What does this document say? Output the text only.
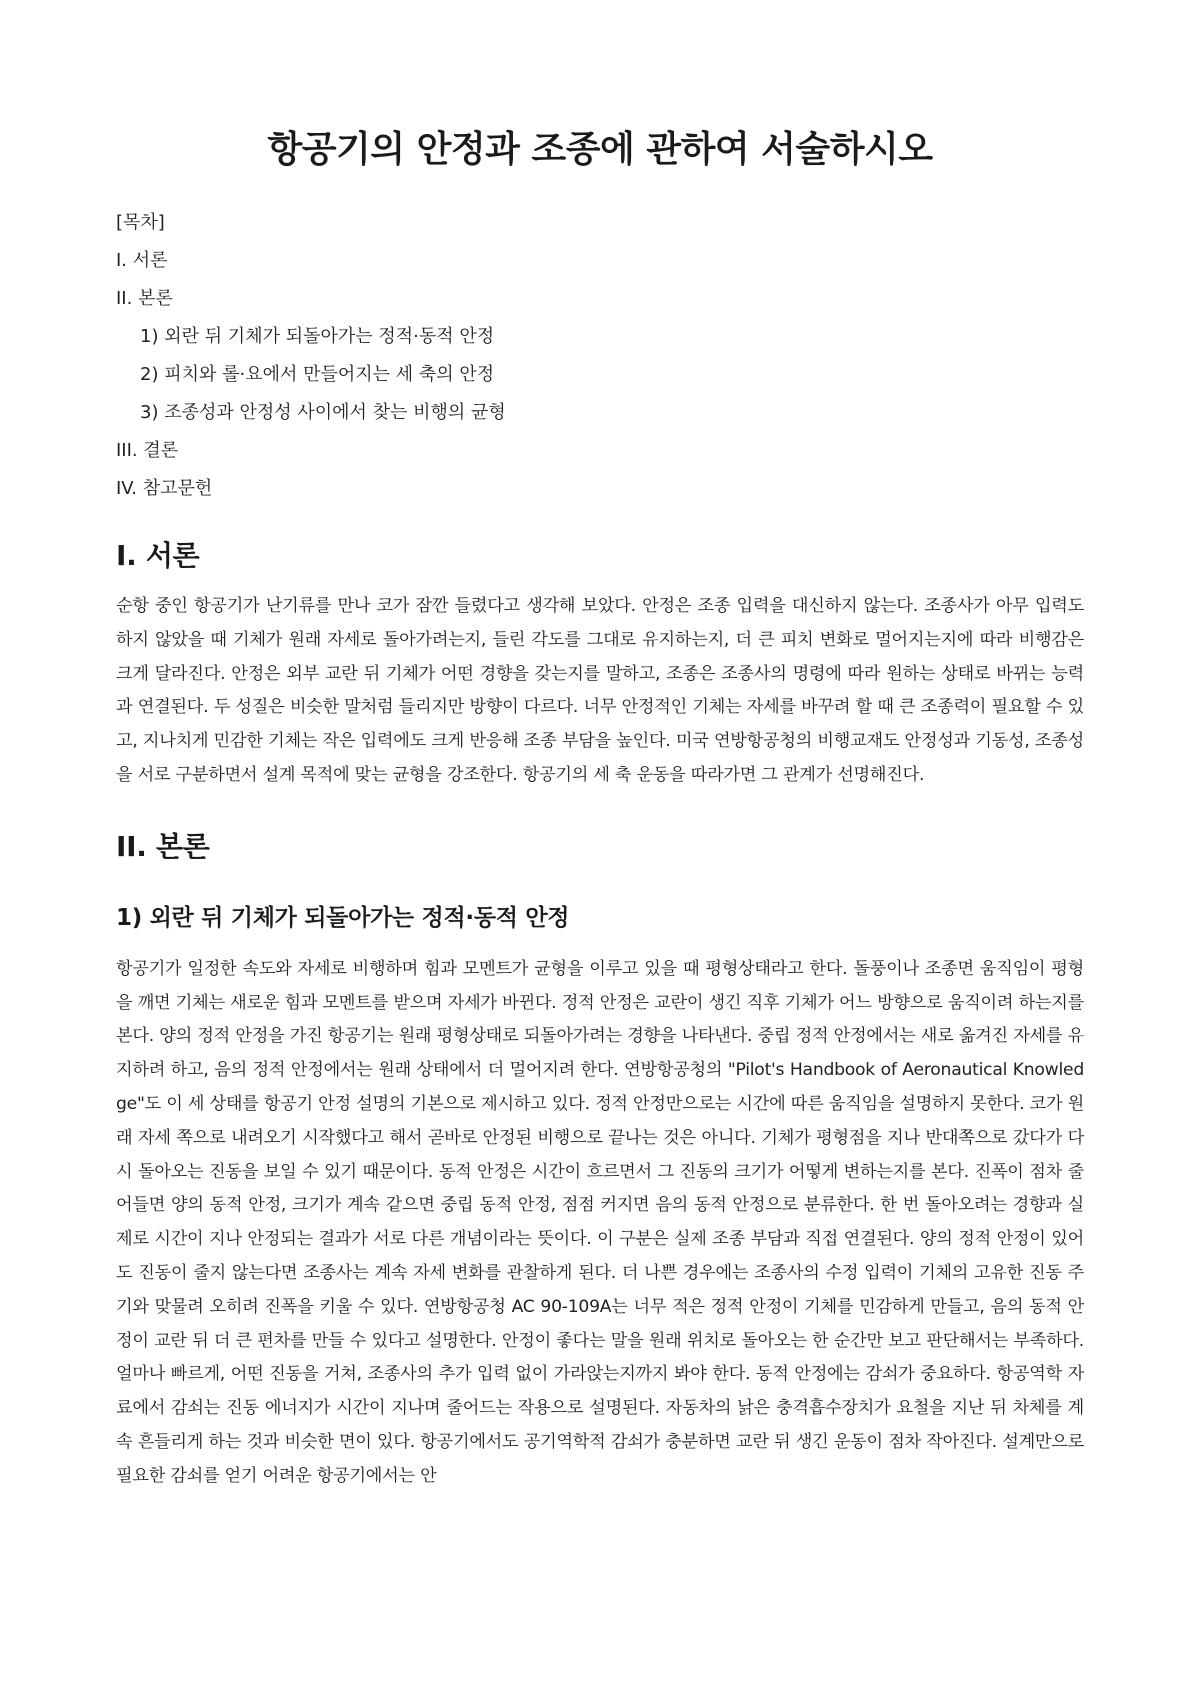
항공기의 안정과 조종에 관하여 서술하시오
[목차]
I. 서론
II. 본론
1) 외란 뒤 기체가 되돌아가는 정적·동적 안정
2) 피치와 롤·요에서 만들어지는 세 축의 안정
3) 조종성과 안정성 사이에서 찾는 비행의 균형
III. 결론
IV. 참고문헌
I. 서론

순항 중인 항공기가 난기류를 만나 코가 잠깐 들렸다고 생각해 보았다. 안정은 조종 입력을 대신하지 않는다. 조종사가 아무 입력도 하지 않았을 때 기체가 원래 자세로 돌아가려는지, 들린 각도를 그대로 유지하는지, 더 큰 피치 변화로 멀어지는지에 따라 비행감은 크게 달라진다. 안정은 외부 교란 뒤 기체가 어떤 경향을 갖는지를 말하고, 조종은 조종사의 명령에 따라 원하는 상태로 바뀌는 능력과 연결된다. 두 성질은 비슷한 말처럼 들리지만 방향이 다르다. 너무 안정적인 기체는 자세를 바꾸려 할 때 큰 조종력이 필요할 수 있고, 지나치게 민감한 기체는 작은 입력에도 크게 반응해 조종 부담을 높인다. 미국 연방항공청의 비행교재도 안정성과 기동성, 조종성을 서로 구분하면서 설계 목적에 맞는 균형을 강조한다. 항공기의 세 축 운동을 따라가면 그 관계가 선명해진다.

II. 본론
1) 외란 뒤 기체가 되돌아가는 정적·동적 안정

항공기가 일정한 속도와 자세로 비행하며 힘과 모멘트가 균형을 이루고 있을 때 평형상태라고 한다. 돌풍이나 조종면 움직임이 평형을 깨면 기체는 새로운 힘과 모멘트를 받으며 자세가 바뀐다. 정적 안정은 교란이 생긴 직후 기체가 어느 방향으로 움직이려 하는지를 본다. 양의 정적 안정을 가진 항공기는 원래 평형상태로 되돌아가려는 경향을 나타낸다. 중립 정적 안정에서는 새로 옮겨진 자세를 유지하려 하고, 음의 정적 안정에서는 원래 상태에서 더 멀어지려 한다. 연방항공청의 "Pilot's Handbook of Aeronautical Knowledge"도 이 세 상태를 항공기 안정 설명의 기본으로 제시하고 있다. 정적 안정만으로는 시간에 따른 움직임을 설명하지 못한다. 코가 원래 자세 쪽으로 내려오기 시작했다고 해서 곧바로 안정된 비행으로 끝나는 것은 아니다. 기체가 평형점을 지나 반대쪽으로 갔다가 다시 돌아오는 진동을 보일 수 있기 때문이다. 동적 안정은 시간이 흐르면서 그 진동의 크기가 어떻게 변하는지를 본다. 진폭이 점차 줄어들면 양의 동적 안정, 크기가 계속 같으면 중립 동적 안정, 점점 커지면 음의 동적 안정으로 분류한다. 한 번 돌아오려는 경향과 실제로 시간이 지나 안정되는 결과가 서로 다른 개념이라는 뜻이다. 이 구분은 실제 조종 부담과 직접 연결된다. 양의 정적 안정이 있어도 진동이 줄지 않는다면 조종사는 계속 자세 변화를 관찰하게 된다. 더 나쁜 경우에는 조종사의 수정 입력이 기체의 고유한 진동 주기와 맞물려 오히려 진폭을 키울 수 있다. 연방항공청 AC 90-109A는 너무 적은 정적 안정이 기체를 민감하게 만들고, 음의 동적 안정이 교란 뒤 더 큰 편차를 만들 수 있다고 설명한다. 안정이 좋다는 말을 원래 위치로 돌아오는 한 순간만 보고 판단해서는 부족하다. 얼마나 빠르게, 어떤 진동을 거쳐, 조종사의 추가 입력 없이 가라앉는지까지 봐야 한다. 동적 안정에는 감쇠가 중요하다. 항공역학 자료에서 감쇠는 진동 에너지가 시간이 지나며 줄어드는 작용으로 설명된다. 자동차의 낡은 충격흡수장치가 요철을 지난 뒤 차체를 계속 흔들리게 하는 것과 비슷한 면이 있다. 항공기에서도 공기역학적 감쇠가 충분하면 교란 뒤 생긴 운동이 점차 작아진다. 설계만으로 필요한 감쇠를 얻기 어려운 항공기에서는 안
